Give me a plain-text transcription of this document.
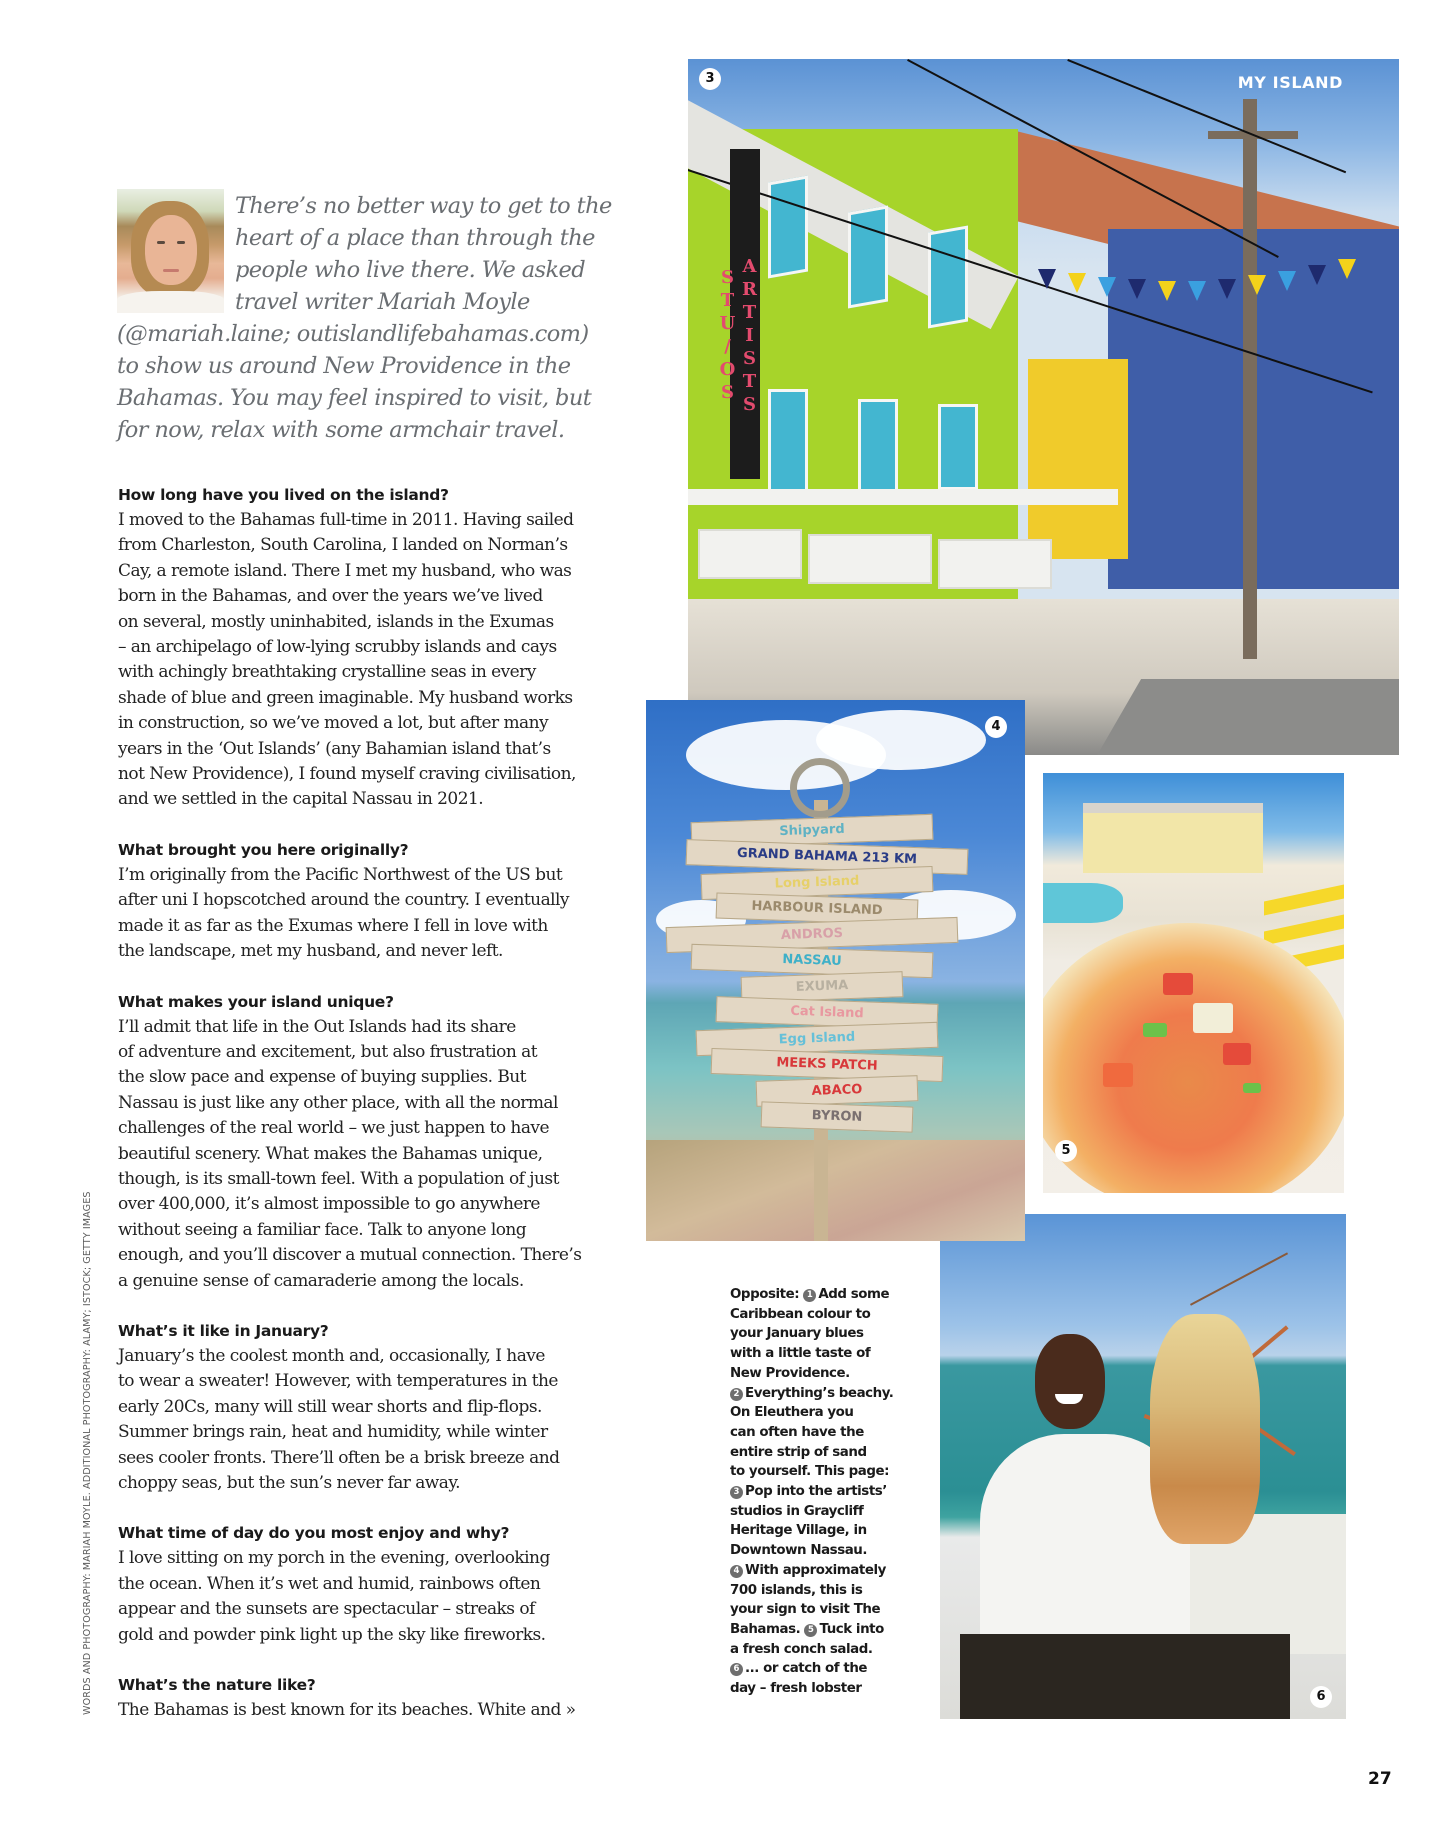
There’s no better way to get to the
heart of a place than through the
people who live there. We asked
travel writer Mariah Moyle
(@mariah.laine; outislandlifebahamas.com)
to show us around New Providence in the
Bahamas. You may feel inspired to visit, but
for now, relax with some armchair travel.
How long have you lived on the island?
I moved to the Bahamas full-time in 2011. Having sailed
from Charleston, South Carolina, I landed on Norman’s
Cay, a remote island. There I met my husband, who was
born in the Bahamas, and over the years we’ve lived
on several, mostly uninhabited, islands in the Exumas
– an archipelago of low-lying scrubby islands and cays
with achingly breathtaking crystalline seas in every
shade of blue and green imaginable. My husband works
in construction, so we’ve moved a lot, but after many
years in the ‘Out Islands’ (any Bahamian island that’s
not New Providence), I found myself craving civilisation,
and we settled in the capital Nassau in 2021.
What brought you here originally?
I’m originally from the Pacific Northwest of the US but
after uni I hopscotched around the country. I eventually
made it as far as the Exumas where I fell in love with
the landscape, met my husband, and never left.
What makes your island unique?
I’ll admit that life in the Out Islands had its share
of adventure and excitement, but also frustration at
the slow pace and expense of buying supplies. But
Nassau is just like any other place, with all the normal
challenges of the real world – we just happen to have
beautiful scenery. What makes the Bahamas unique,
though, is its small-town feel. With a population of just
over 400,000, it’s almost impossible to go anywhere
without seeing a familiar face. Talk to anyone long
enough, and you’ll discover a mutual connection. There’s
a genuine sense of camaraderie among the locals.
What’s it like in January?
January’s the coolest month and, occasionally, I have
to wear a sweater! However, with temperatures in the
early 20Cs, many will still wear shorts and flip-flops.
Summer brings rain, heat and humidity, while winter
sees cooler fronts. There’ll often be a brisk breeze and
choppy seas, but the sun’s never far away.
What time of day do you most enjoy and why?
I love sitting on my porch in the evening, overlooking
the ocean. When it’s wet and humid, rainbows often
appear and the sunsets are spectacular – streaks of
gold and powder pink light up the sky like fireworks.
What’s the nature like?
The Bahamas is best known for its beaches. White and »
WORDS AND PHOTOGRAPHY: MARIAH MOYLE. ADDITIONAL PHOTOGRAPHY: ALAMY; ISTOCK; GETTY IMAGES
ARTISTS STU/OS
3	MY ISLAND
Shipyard
GRAND BAHAMA 213 KM
Long Island
HARBOUR ISLAND
ANDROS
NASSAU
EXUMA
Cat Island
Egg Island
MEEKS PATCH
ABACO
BYRON
4
5
6
Opposite: 1 Add some
Caribbean colour to
your January blues
with a little taste of
New Providence.
2 Everything’s beachy.
On Eleuthera you
can often have the
entire strip of sand
to yourself. This page:
3 Pop into the artists’
studios in Graycliff
Heritage Village, in
Downtown Nassau.
4 With approximately
700 islands, this is
your sign to visit The
Bahamas. 5 Tuck into
a fresh conch salad.
6 ... or catch of the
day – fresh lobster
27
